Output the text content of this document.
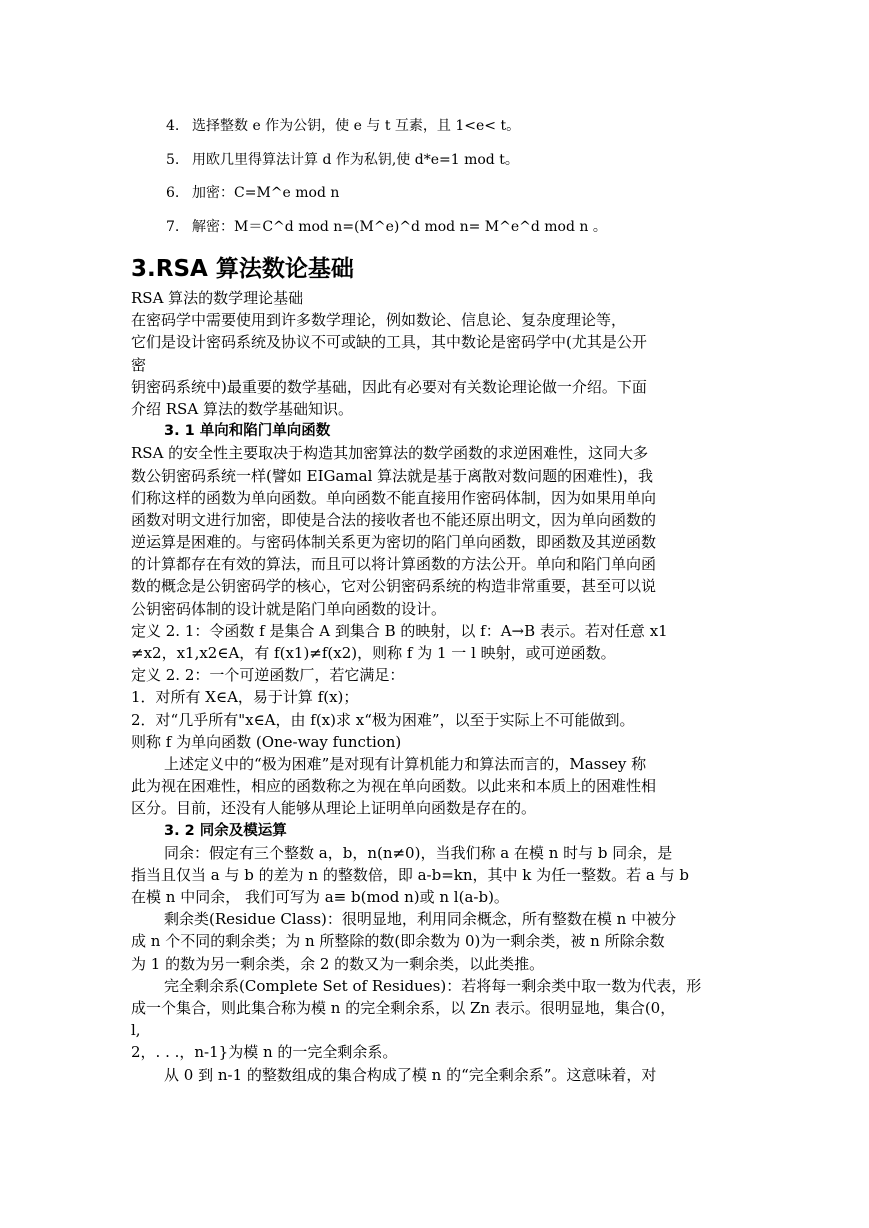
4. 选择整数 e 作为公钥，使 e 与 t 互素，且 1<e< t。
5. 用欧几里得算法计算 d 作为私钥,使 d*e=1 mod t。
6. 加密：C=M^e mod n
7. 解密：M＝C^d mod n=(M^e)^d mod n= M^e^d mod n 。
3.RSA 算法数论基础
RSA 算法的数学理论基础
在密码学中需要使用到许多数学理论，例如数论、信息论、复杂度理论等，
它们是设计密码系统及协议不可或缺的工具，其中数论是密码学中(尤其是公开
密
钥密码系统中)最重要的数学基础，因此有必要对有关数论理论做一介绍。下面
介绍 RSA 算法的数学基础知识。
3. 1 单向和陷门单向函数
RSA 的安全性主要取决于构造其加密算法的数学函数的求逆困难性，这同大多
数公钥密码系统一样(譬如 EIGamal 算法就是基于离散对数问题的困难性)，我
们称这样的函数为单向函数。单向函数不能直接用作密码体制，因为如果用单向
函数对明文进行加密，即使是合法的接收者也不能还原出明文，因为单向函数的
逆运算是困难的。与密码体制关系更为密切的陷门单向函数，即函数及其逆函数
的计算都存在有效的算法，而且可以将计算函数的方法公开。单向和陷门单向函
数的概念是公钥密码学的核心，它对公钥密码系统的构造非常重要，甚至可以说
公钥密码体制的设计就是陷门单向函数的设计。
定义 2. 1：令函数 f 是集合 A 到集合 B 的映射，以 f：A→B 表示。若对任意 x1
≠x2，x1,x2∈A，有 f(x1)≠f(x2)，则称 f 为 1 一 l 映射，或可逆函数。
定义 2. 2：一个可逆函数厂，若它满足：
1．对所有 X∈A，易于计算 f(x)；
2．对“几乎所有"x∈A，由 f(x)求 x“极为困难”，以至于实际上不可能做到。
则称 f 为单向函数 (One-way function)
上述定义中的“极为困难”是对现有计算机能力和算法而言的，Massey 称
此为视在困难性，相应的函数称之为视在单向函数。以此来和本质上的困难性相
区分。目前，还没有人能够从理论上证明单向函数是存在的。
3. 2 同余及模运算
同余：假定有三个整数 a，b，n(n≠0)，当我们称 a 在模 n 时与 b 同余，是
指当且仅当 a 与 b 的差为 n 的整数倍，即 a-b=kn，其中 k 为任一整数。若 a 与 b
在模 n 中同余， 我们可写为 a≡ b(mod n)或 n l(a-b)。
剩余类(Residue Class)：很明显地，利用同余概念，所有整数在模 n 中被分
成 n 个不同的剩余类；为 n 所整除的数(即余数为 0)为一剩余类，被 n 所除余数
为 1 的数为另一剩余类，余 2 的数又为一剩余类，以此类推。
完全剩余系(Complete Set of Residues)：若将每一剩余类中取一数为代表，形
成一个集合，则此集合称为模 n 的完全剩余系，以 Zn 表示。很明显地，集合(0，
l,
2，. . .，n-1}为模 n 的一完全剩余系。
从 0 到 n-1 的整数组成的集合构成了模 n 的“完全剩余系”。这意味着，对
